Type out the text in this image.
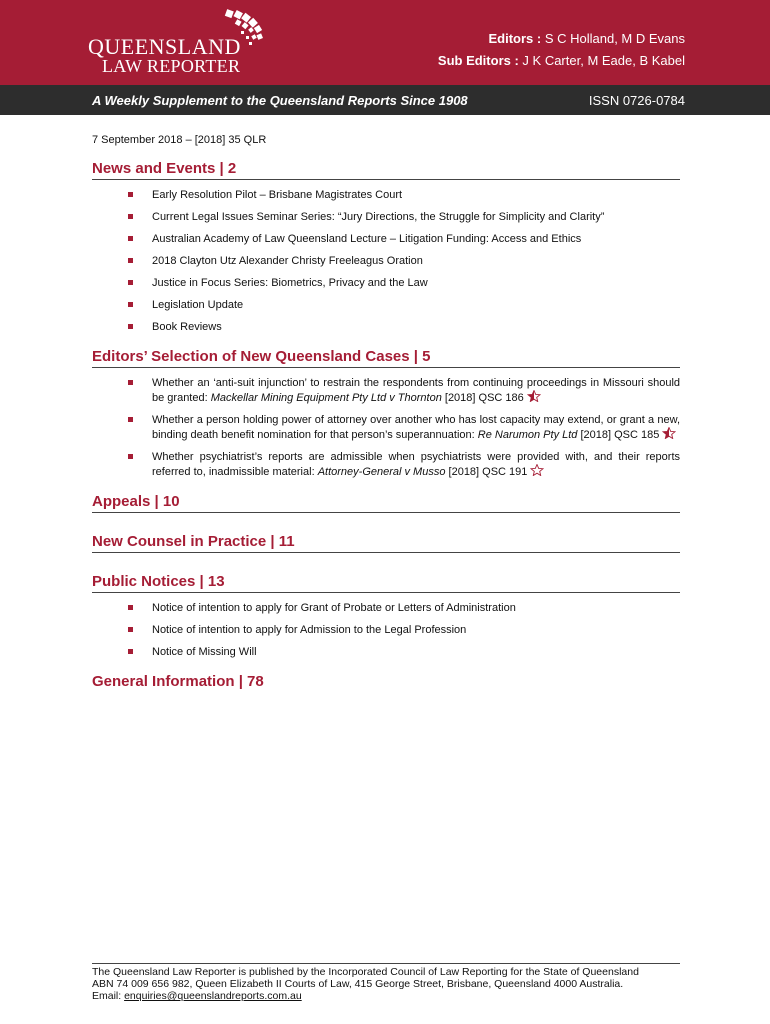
QUEENSLAND
LAW REPORTER
Editors : S C Holland, M D Evans
Sub Editors : J K Carter, M Eade, B Kabel
A Weekly Supplement to the Queensland Reports Since 1908	ISSN 0726-0784
7 September 2018 – [2018] 35 QLR
News and Events | 2
Early Resolution Pilot – Brisbane Magistrates Court
Current Legal Issues Seminar Series: “Jury Directions, the Struggle for Simplicity and Clarity”
Australian Academy of Law Queensland Lecture – Litigation Funding: Access and Ethics
2018 Clayton Utz Alexander Christy Freeleagus Oration
Justice in Focus Series: Biometrics, Privacy and the Law
Legislation Update
Book Reviews
Editors’ Selection of New Queensland Cases | 5
Whether an ‘anti-suit injunction’ to restrain the respondents from continuing proceedings in Missouri should be granted: Mackellar Mining Equipment Pty Ltd v Thornton [2018] QSC 186
Whether a person holding power of attorney over another who has lost capacity may extend, or grant a new, binding death benefit nomination for that person’s superannuation: Re Narumon Pty Ltd [2018] QSC 185
Whether psychiatrist’s reports are admissible when psychiatrists were provided with, and their reports referred to, inadmissible material: Attorney-General v Musso [2018] QSC 191
Appeals | 10
New Counsel in Practice | 11
Public Notices | 13
Notice of intention to apply for Grant of Probate or Letters of Administration
Notice of intention to apply for Admission to the Legal Profession
Notice of Missing Will
General Information | 78
The Queensland Law Reporter is published by the Incorporated Council of Law Reporting for the State of Queensland
ABN 74 009 656 982, Queen Elizabeth II Courts of Law, 415 George Street, Brisbane, Queensland 4000 Australia.
Email: enquiries@queenslandreports.com.au
